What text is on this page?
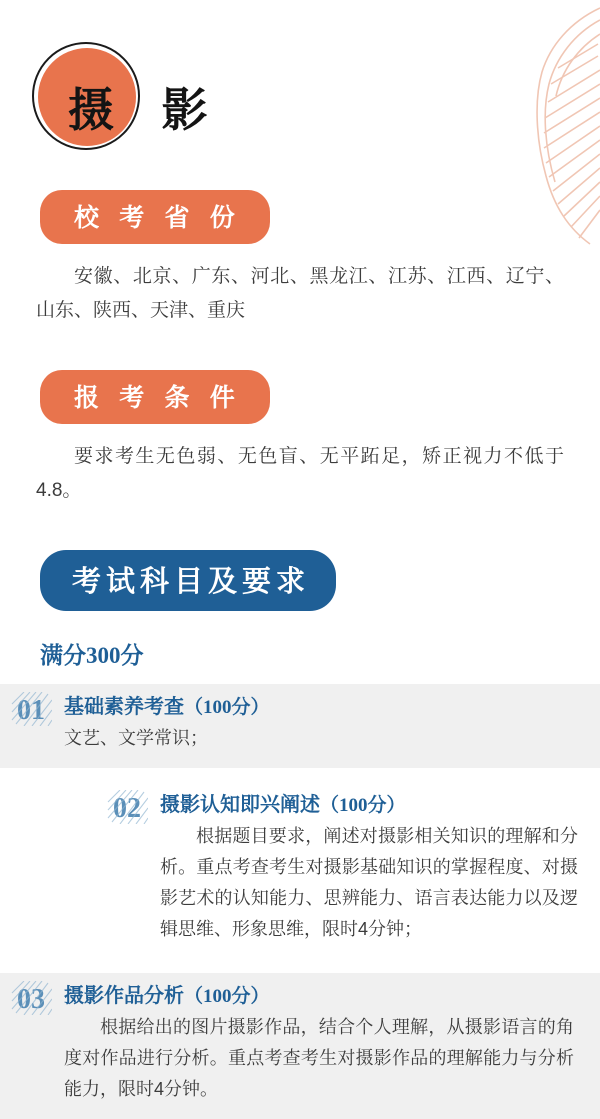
摄 影
校 考 省 份
安徽、北京、广东、河北、黑龙江、江苏、江西、辽宁、山东、陕西、天津、重庆
报 考 条 件
要求考生无色弱、无色盲、无平跖足，矫正视力不低于4.8。
考试科目及要求
满分300分
01 基础素养考查（100分）
文艺、文学常识；
02 摄影认知即兴阐述（100分）
根据题目要求，阐述对摄影相关知识的理解和分析。重点考查考生对摄影基础知识的掌握程度、对摄影艺术的认知能力、思辨能力、语言表达能力以及逻辑思维、形象思维，限时4分钟；
03 摄影作品分析（100分）
根据给出的图片摄影作品，结合个人理解，从摄影语言的角度对作品进行分析。重点考查考生对摄影作品的理解能力与分析能力，限时4分钟。
